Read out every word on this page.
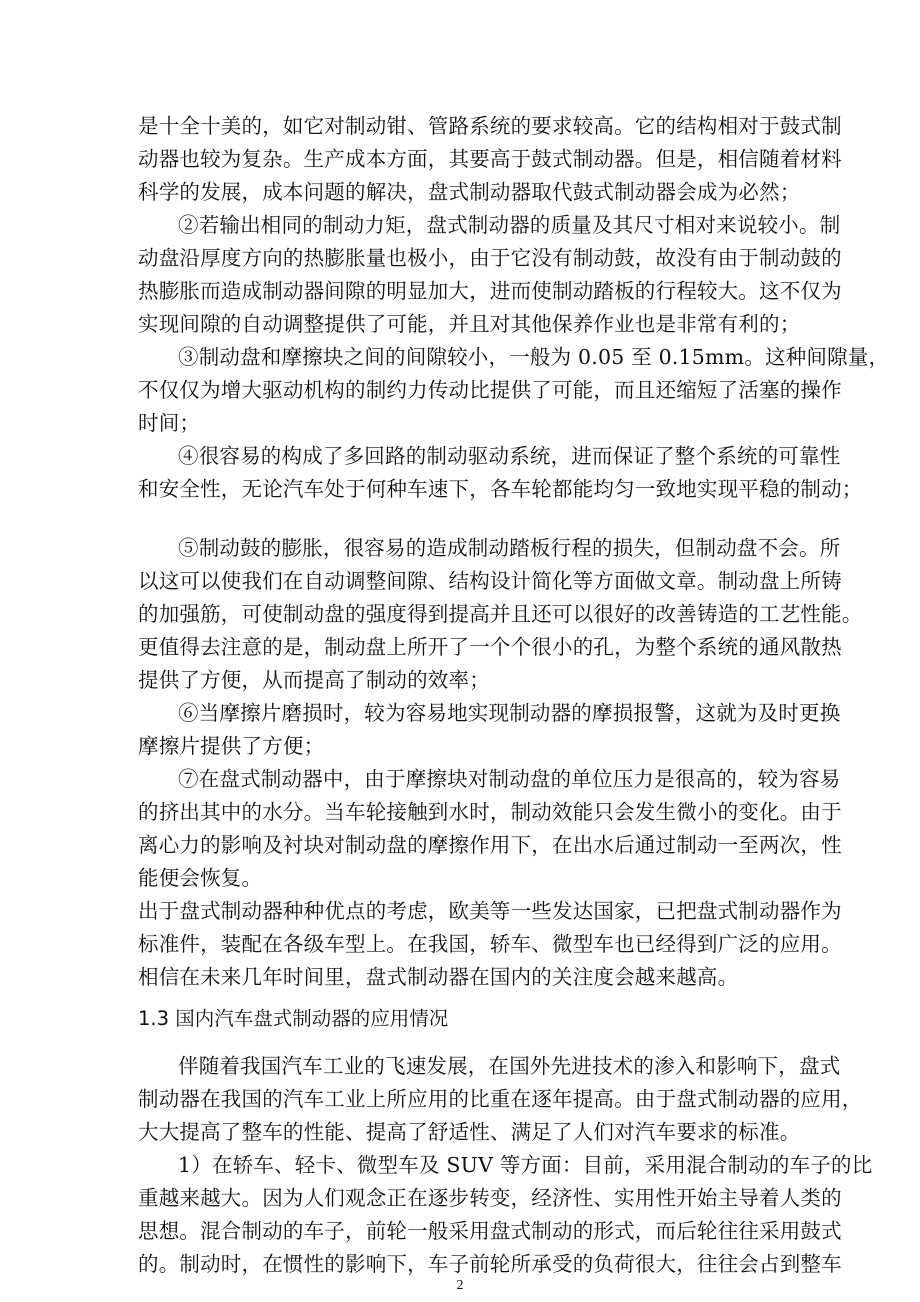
是十全十美的，如它对制动钳、管路系统的要求较高。它的结构相对于鼓式制
动器也较为复杂。生产成本方面，其要高于鼓式制动器。但是，相信随着材料
科学的发展，成本问题的解决，盘式制动器取代鼓式制动器会成为必然；
②若输出相同的制动力矩，盘式制动器的质量及其尺寸相对来说较小。制
动盘沿厚度方向的热膨胀量也极小，由于它没有制动鼓，故没有由于制动鼓的
热膨胀而造成制动器间隙的明显加大，进而使制动踏板的行程较大。这不仅为
实现间隙的自动调整提供了可能，并且对其他保养作业也是非常有利的；
③制动盘和摩擦块之间的间隙较小，一般为 0.05 至 0.15mm。这种间隙量，
不仅仅为增大驱动机构的制约力传动比提供了可能，而且还缩短了活塞的操作
时间；
④很容易的构成了多回路的制动驱动系统，进而保证了整个系统的可靠性
和安全性，无论汽车处于何种车速下，各车轮都能均匀一致地实现平稳的制动；
⑤制动鼓的膨胀，很容易的造成制动踏板行程的损失，但制动盘不会。所
以这可以使我们在自动调整间隙、结构设计简化等方面做文章。制动盘上所铸
的加强筋，可使制动盘的强度得到提高并且还可以很好的改善铸造的工艺性能。
更值得去注意的是，制动盘上所开了一个个很小的孔，为整个系统的通风散热
提供了方便，从而提高了制动的效率；
⑥当摩擦片磨损时，较为容易地实现制动器的摩损报警，这就为及时更换
摩擦片提供了方便；
⑦在盘式制动器中，由于摩擦块对制动盘的单位压力是很高的，较为容易
的挤出其中的水分。当车轮接触到水时，制动效能只会发生微小的变化。由于
离心力的影响及衬块对制动盘的摩擦作用下，在出水后通过制动一至两次，性
能便会恢复。
出于盘式制动器种种优点的考虑，欧美等一些发达国家，已把盘式制动器作为
标准件，装配在各级车型上。在我国，轿车、微型车也已经得到广泛的应用。
相信在未来几年时间里，盘式制动器在国内的关注度会越来越高。
1.3 国内汽车盘式制动器的应用情况
伴随着我国汽车工业的飞速发展，在国外先进技术的渗入和影响下，盘式
制动器在我国的汽车工业上所应用的比重在逐年提高。由于盘式制动器的应用，
大大提高了整车的性能、提高了舒适性、满足了人们对汽车要求的标准。
1）在轿车、轻卡、微型车及 SUV 等方面：目前，采用混合制动的车子的比
重越来越大。因为人们观念正在逐步转变，经济性、实用性开始主导着人类的
思想。混合制动的车子，前轮一般采用盘式制动的形式，而后轮往往采用鼓式
的。制动时，在惯性的影响下，车子前轮所承受的负荷很大，往往会占到整车
2
